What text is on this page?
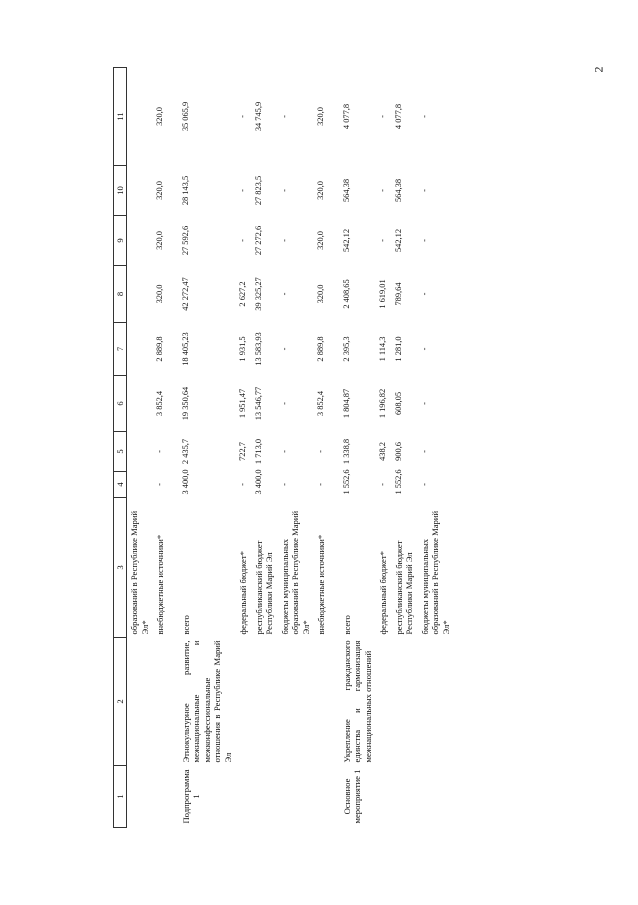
2
1	2	3	4	5	6	7	8	9	10	11
		образований в Республике Марий Эл*								
		внебюджетные источники*	-	-	3 852,4	2 889,8	320,0	320,0	320,0	320,0
Подпрограмма 1	Этнокультурное развитие, межнациональные и межконфессиональные отношения в Республике Марий Эл	всего	3 400,0	2 435,7	19 350,64	18 405,23	42 272,47	27 592,6	28 143,5	35 065,9
		федеральный бюджет*	-	722,7	1 951,47	1 931,5	2 627,2	-	-	-
		республиканский бюджет Республики Марий Эл	3 400,0	1 713,0	13 546,77	13 583,93	39 325,27	27 272,6	27 823,5	34 745,9
		бюджеты муниципальных образований в Республике Марий Эл*	-	-	-	-	-	-	-	-
		внебюджетные источники*	-	-	3 852,4	2 889,8	320,0	320,0	320,0	320,0
Основное мероприятие 1	Укрепление гражданского единства и гармонизация межнациональных отношений	всего	1 552,6	1 338,8	1 804,87	2 395,3	2 408,65	542,12	564,38	4 077,8
		федеральный бюджет*	-	438,2	1 196,82	1 114,3	1 619,01	-	-	-
		республиканский бюджет Республики Марий Эл	1 552,6	900,6	608,05	1 281,0	789,64	542,12	564,38	4 077,8
		бюджеты муниципальных образований в Республике Марий Эл*	-	-	-	-	-	-	-	-
